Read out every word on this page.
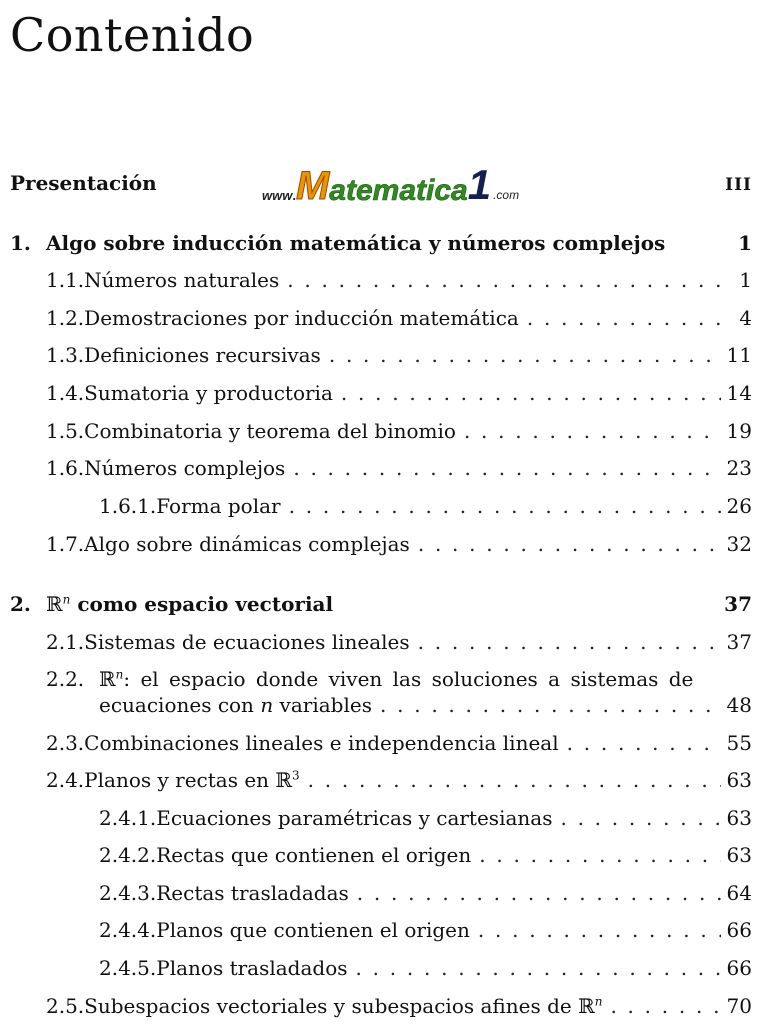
Contenido
Presentación	III
www . M atematica 1 .com
1. Algo sobre inducción matemática y números complejos	1
1.1. Números naturales . . .	1
1.2. Demostraciones por inducción matemática . . .	4
1.3. Definiciones recursivas . . .	11
1.4. Sumatoria y productoria . . .	14
1.5. Combinatoria y teorema del binomio . . .	19
1.6. Números complejos . . .	23
1.6.1. Forma polar . . .	26
1.7. Algo sobre dinámicas complejas . . .	32
2. ℝ$^n$ como espacio vectorial	37
2.1. Sistemas de ecuaciones lineales . . .	37
2.2. ℝ$^n$: el espacio donde viven las soluciones a sistemas de
ecuaciones con n variables . . .	48
2.3. Combinaciones lineales e independencia lineal . . .	55
2.4. Planos y rectas en ℝ$^3$ . . .	63
2.4.1. Ecuaciones paramétricas y cartesianas . . .	63
2.4.2. Rectas que contienen el origen . . .	63
2.4.3. Rectas trasladadas . . .	64
2.4.4. Planos que contienen el origen . . .	66
2.4.5. Planos trasladados . . .	66
2.5. Subespacios vectoriales y subespacios afines de ℝ$^n$ . . .	70
